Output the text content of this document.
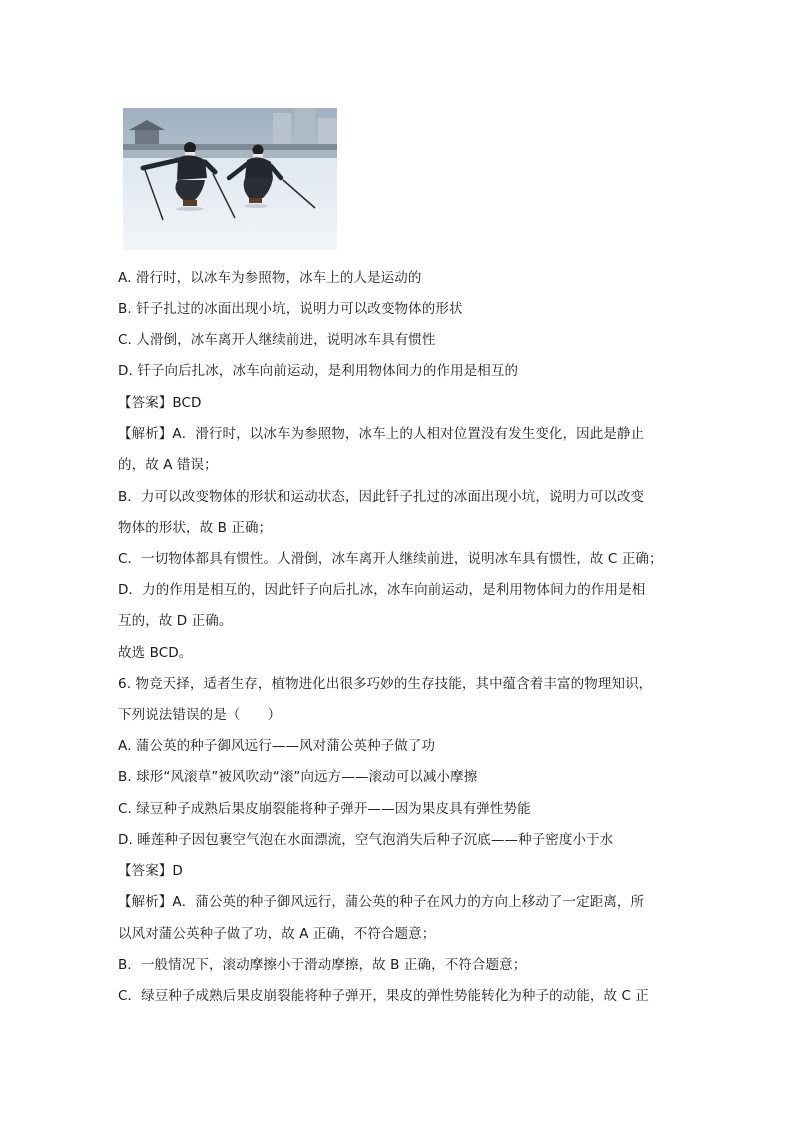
A. 滑行时，以冰车为参照物，冰车上的人是运动的
B. 钎子扎过的冰面出现小坑，说明力可以改变物体的形状
C. 人滑倒，冰车离开人继续前进，说明冰车具有惯性
D. 钎子向后扎冰，冰车向前运动，是利用物体间力的作用是相互的
【答案】BCD
【解析】A．滑行时，以冰车为参照物，冰车上的人相对位置没有发生变化，因此是静止
的，故 A 错误；
B．力可以改变物体的形状和运动状态，因此钎子扎过的冰面出现小坑，说明力可以改变
物体的形状，故 B 正确；
C．一切物体都具有惯性。人滑倒，冰车离开人继续前进，说明冰车具有惯性，故 C 正确；
D．力的作用是相互的，因此钎子向后扎冰，冰车向前运动，是利用物体间力的作用是相
互的，故 D 正确。
故选 BCD。
6. 物竞天择，适者生存，植物进化出很多巧妙的生存技能，其中蕴含着丰富的物理知识，
下列说法错误的是（　　）
A. 蒲公英的种子御风远行——风对蒲公英种子做了功
B. 球形“风滚草”被风吹动“滚”向远方——滚动可以减小摩擦
C. 绿豆种子成熟后果皮崩裂能将种子弹开——因为果皮具有弹性势能
D. 睡莲种子因包裹空气泡在水面漂流，空气泡消失后种子沉底——种子密度小于水
【答案】D
【解析】A．蒲公英的种子御风远行，蒲公英的种子在风力的方向上移动了一定距离，所
以风对蒲公英种子做了功，故 A 正确，不符合题意；
B．一般情况下，滚动摩擦小于滑动摩擦，故 B 正确，不符合题意；
C．绿豆种子成熟后果皮崩裂能将种子弹开，果皮的弹性势能转化为种子的动能，故 C 正
